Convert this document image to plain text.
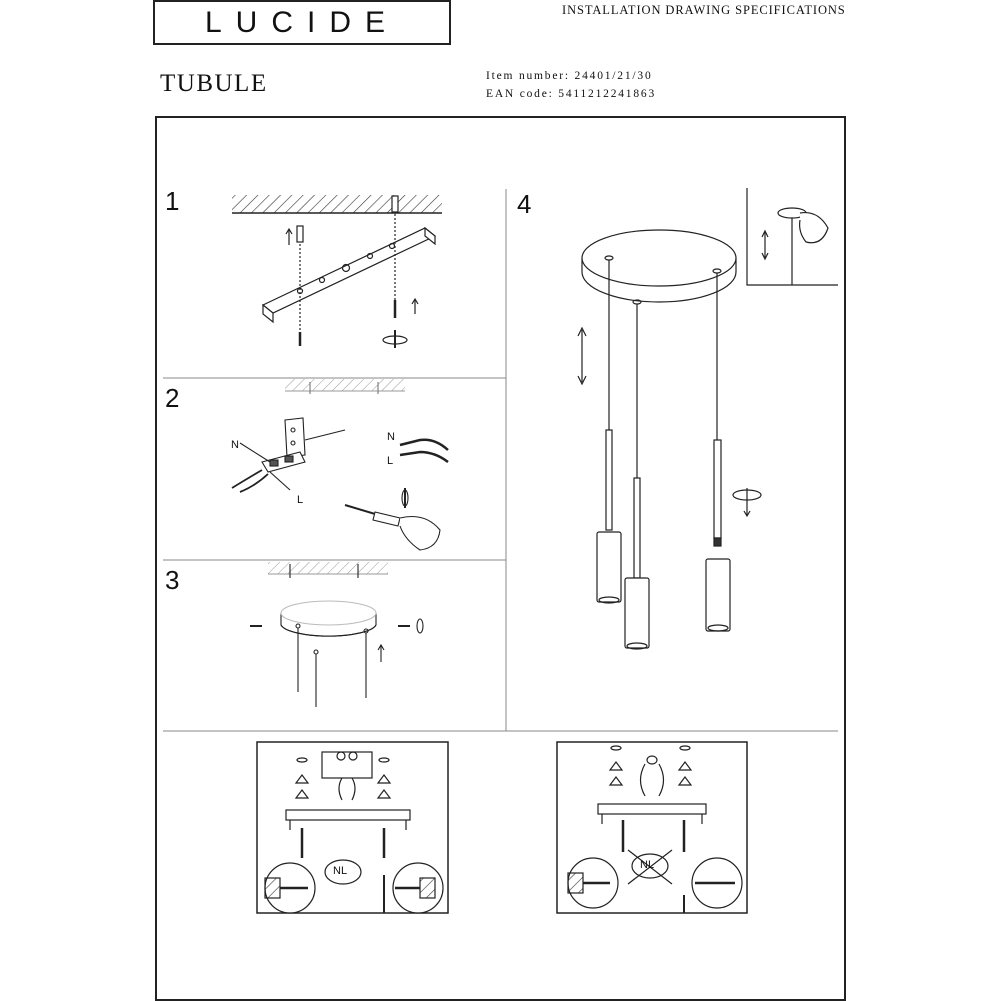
LUCIDE	INSTALLATION DRAWING SPECIFICATIONS
TUBULE	Item number: 24401/21/30
EAN code: 5411212241863
1
2
3
4
N
L
N
L
NL	NL
